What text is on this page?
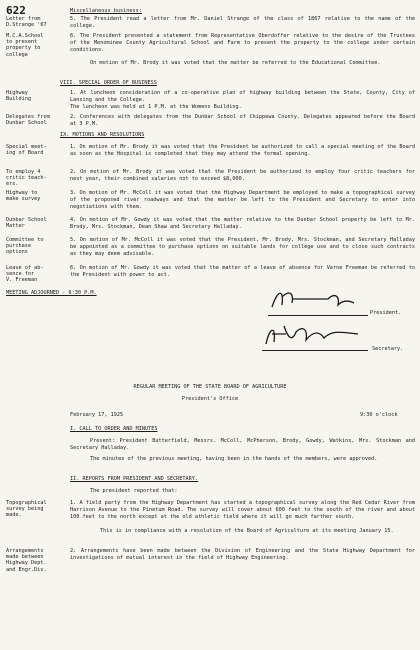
622	Miscellaneous business:
Letter from
D.Strange '67
5. The President read a letter from Mr. Daniel Strange of the class of 1867 relative to the name of the college.
M.C.A.School
to present
property to
college
6. The President presented a statement from Representative Oberdoffer relative to the desire of the Trustees of the Menominee County Agricultural School and Farm to present the property to the college under certain conditions.
On motion of Mr. Brody it was voted that the matter be referred to the Educational Committee.
VIII. SPECIAL ORDER OF BUSINESS
Highway
Building
1. At luncheon consideration of a co-operative plan of highway building between the State, County, City of Lansing and the College.
The luncheon was held at 1 P.M. at the Womens Building.
Delegates from
Dunbar School
2. Conferences with delegates from the Dunbar School of Chippewa County. Delegates appeared before the Board at 3 P.M.
IX. MOTIONS AND RESOLUTIONS
Special meet-
ing of Board
1. On motion of Mr. Brody it was voted that the President be authorized to call a special meeting of the Board as soon as the Hospital is completed that they may attend the formal opening.
To employ 4
critic teach-
ers.
2. On motion of Mr. Brody it was voted that the President be authorized to employ four critic teachers for next year, their combined salaries not to exceed $8,000.
Highway to
make survey
3. On motion of Mr. McColl it was voted that the Highway Department be employed to make a topographical survey of the proposed river roadways and that the matter be left to the President and Secretary to enter into negotiations with them.
Dunbar School
Matter
4. On motion of Mr. Gowdy it was voted that the matter relative to the Dunbar School property be left to Mr. Brody, Mrs. Stockman, Dean Shaw and Secretary Halladay.
Committee to
purchase
options
5. On motion of Mr. McColl it was voted that the President, Mr. Brody, Mrs. Stockman, and Secretary Halladay be appointed as a committee to purchase options on suitable lands for college use and to close such contracts as they may deem advisable.
Leave of ab-
sence for
V. Freeman
6. On motion of Mr. Gowdy it was voted that the matter of a leave of absence for Verne Freeman be referred to the President with power to act.
MEETING ADJOURNED - 6:30 P.M.
President.
Secretary.
REGULAR MEETING OF THE STATE BOARD OF AGRICULTURE
President's Office
February 17, 1925	9:30 o'clock
I. CALL TO ORDER AND MINUTES
Present: President Butterfield, Messrs. McColl, McPherson, Brody, Gowdy, Watkins, Mrs. Stockman and Secretary Halladay.
The minutes of the previous meeting, having been in the hands of the members, were approved.
II. REPORTS FROM PRESIDENT AND SECRETARY.
The president reported that:
Topographical
survey being
made.
1. A field party from the Highway Department has started a topographical survey along the Red Cedar River from Harrison Avenue to the Pinetum Road. The survey will cover about 600 feet to the south of the river and about 100 feet to the north except at the old athletic field where it will go much farther south.
This is in compliance with a resolution of the Board of Agriculture at its meeting January 15.
Arrangements
made between
Highway Dept.
and Engr.Div.
2. Arrangements have been made between the Division of Engineering and the State Highway Department for investigations of mutual interest in the field of Highway Engineering.
